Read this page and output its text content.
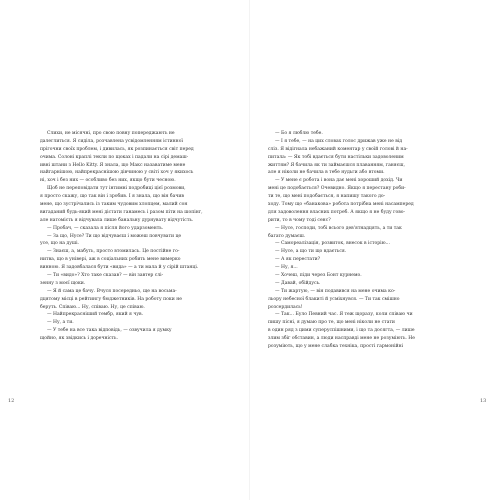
Слихи, не місячні, про свою повну попереджають не
далеглиться. Я сиділа, розчавлена усвідомленням істинної
прігочни своїх проблем, і дивилась, як розпинається світ перед
очима. Солоні краплі текли по щоках і падали на сірі демаш-
ивні штани з Hello Kitty. Я знала, що Макс назаватиме мене
найгарнішою, найпрекраснішою дівчиною у світі хоч у якихось
ні, хоч і без них — особливо без них, якщо бути чесною.
Щоб не переповідати тут інтимні подробиці цієї розмови,
я просто скажу, що так він і зробив. І я знала, що він бачив
мене, що зустрічались із таким чудовим хлопцем, малий сон
вигаданий будь-який мені дістати ганамесь і разом піти на шопінг,
але натомість я відчувала лише банальну дурнувату відчутість.
— Пробач, — сказала я після його ударзоменть.
— За що, Нусе? Ти що відчуваєш і можеш повчувати це
усе, що на душі.
— Знаєш, а, мабуть, просто втомилась. Це постійне го-
нитва, що в універі, аж в соціальних робить мене вимерко
винною. Я задовбалася бути «вида» — а ти мала й у сірій штанці.
— Ти «видо»? Хто таке сказав? — він завтер слі-
зенну з моєї щоки.
— Я й сама це бачу. Вчуся посередньо, ще на восьма-
дцятому місці в рейтингу бюджетників. На роботу поки не
беруть. Співаю... Ну, співаю. Ну, це співаю.
— Найпрекрасніший тембр, який я чув.
— Ну, а ти.
— У тебе на все така відповідь, — озвучила я думку
щойно, як звідкись і доречність.
12
— Бо я люблю тебе.
— І я тебе, — на цих словах голос дрижав уже не від
сліз. Я відігнала небажаний коментар у своїй голові й на-
питала: — Як тобі вдається бути настільки задоволеним
життям? Я бачила як ти займаєшся плаванням, ганяєш,
але я ніколи не бачила в тебе нудьги або втоми.
— У мене є робота і вона дає мені хороший дохід. Чи
мені це подобається? Очевидно. Якщо я перестану роби-
ти те, що мені подобається, я напишу такого до-
ходу. Тому що «банакова» робота потрібна мені насамперед
для задоволення власних потреб. А якщо я не буду гово-
рити, то в чому тоді сенс?
— Нусе, господи, тобі всього дев'ятнадцять, а ти так
багато думаєш.
— Самореалізація, розвиток, внесок в історію...
— Нусе, а що ти що вдається.
— А як перестати?
— Ну, я...
— Хочеш, піди через Бонт курнемо.
— Давай, обійдусь.
— Ти жартую, — він подавився на мене очима ко-
льору небесної блакиті й усміхнувся. — Ти так смішно
розсердилась!
— Так... Було Певний час. Я теж щоразу, коли співаю чи
пишу пісні, я думаю про те, що мені ніколи не стати
в один ряд з цими суперуспішними, і що та досягта, — лише
злим збіг обставин, а люди насправді мене не розуміють. Не
розуміють, що у мене слабка техніка, прості гармонійні
13
